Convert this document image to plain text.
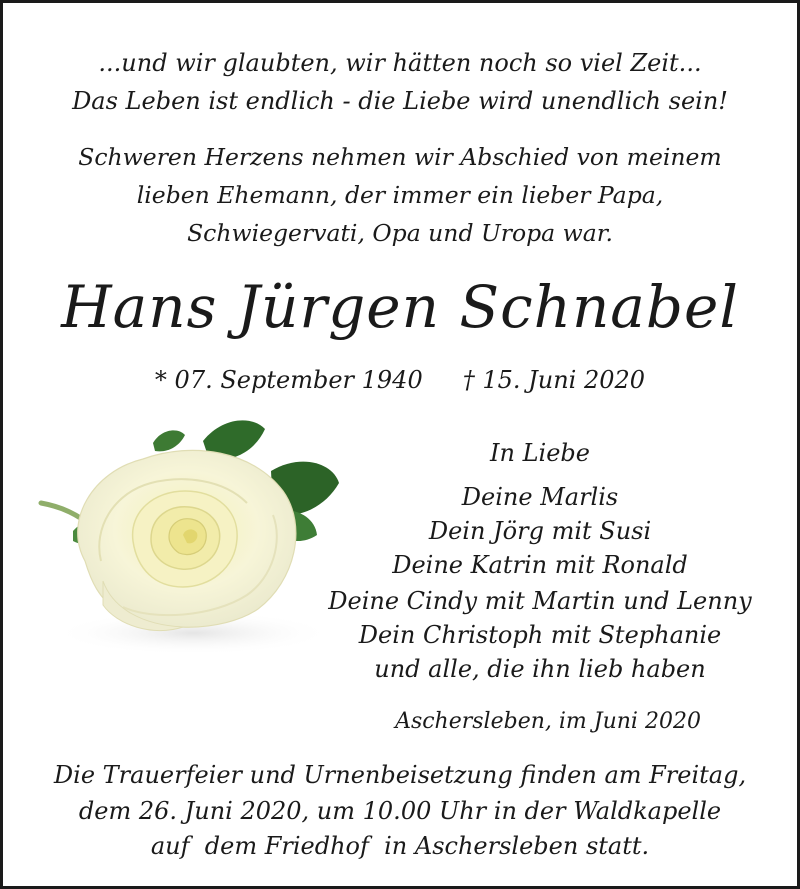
...und wir glaubten, wir hätten noch so viel Zeit...
Das Leben ist endlich - die Liebe wird unendlich sein!
Schweren Herzens nehmen wir Abschied von meinem
lieben Ehemann, der immer ein lieber Papa,
Schwiegervati, Opa und Uropa war.
Hans Jürgen Schnabel
* 07. September 1940 † 15. Juni 2020
In Liebe
Deine Marlis
Dein Jörg mit Susi
Deine Katrin mit Ronald
Deine Cindy mit Martin und Lenny
Dein Christoph mit Stephanie
und alle, die ihn lieb haben
Aschersleben, im Juni 2020
Die Trauerfeier und Urnenbeisetzung finden am Freitag,
dem 26. Juni 2020, um 10.00 Uhr in der Waldkapelle
auf  dem Friedhof  in Aschersleben statt.
